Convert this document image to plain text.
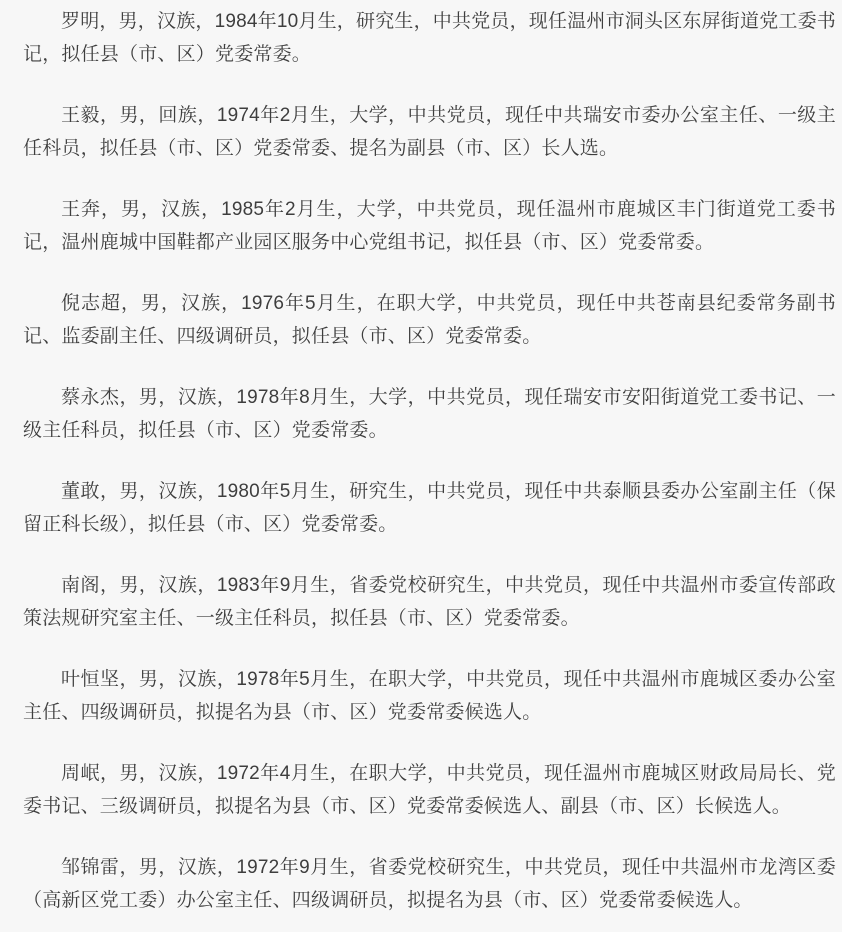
罗明，男，汉族，1984年10月生，研究生，中共党员，现任温州市洞头区东屏街道党工委书记，拟任县（市、区）党委常委。

王毅，男，回族，1974年2月生，大学，中共党员，现任中共瑞安市委办公室主任、一级主任科员，拟任县（市、区）党委常委、提名为副县（市、区）长人选。

王奔，男，汉族，1985年2月生，大学，中共党员，现任温州市鹿城区丰门街道党工委书记，温州鹿城中国鞋都产业园区服务中心党组书记，拟任县（市、区）党委常委。

倪志超，男，汉族，1976年5月生，在职大学，中共党员，现任中共苍南县纪委常务副书记、监委副主任、四级调研员，拟任县（市、区）党委常委。

蔡永杰，男，汉族，1978年8月生，大学，中共党员，现任瑞安市安阳街道党工委书记、一级主任科员，拟任县（市、区）党委常委。

董敢，男，汉族，1980年5月生，研究生，中共党员，现任中共泰顺县委办公室副主任（保留正科长级），拟任县（市、区）党委常委。

南阁，男，汉族，1983年9月生，省委党校研究生，中共党员，现任中共温州市委宣传部政策法规研究室主任、一级主任科员，拟任县（市、区）党委常委。

叶恒坚，男，汉族，1978年5月生，在职大学，中共党员，现任中共温州市鹿城区委办公室主任、四级调研员，拟提名为县（市、区）党委常委候选人。

周岷，男，汉族，1972年4月生，在职大学，中共党员，现任温州市鹿城区财政局局长、党委书记、三级调研员，拟提名为县（市、区）党委常委候选人、副县（市、区）长候选人。

邹锦雷，男，汉族，1972年9月生，省委党校研究生，中共党员，现任中共温州市龙湾区委（高新区党工委）办公室主任、四级调研员，拟提名为县（市、区）党委常委候选人。
